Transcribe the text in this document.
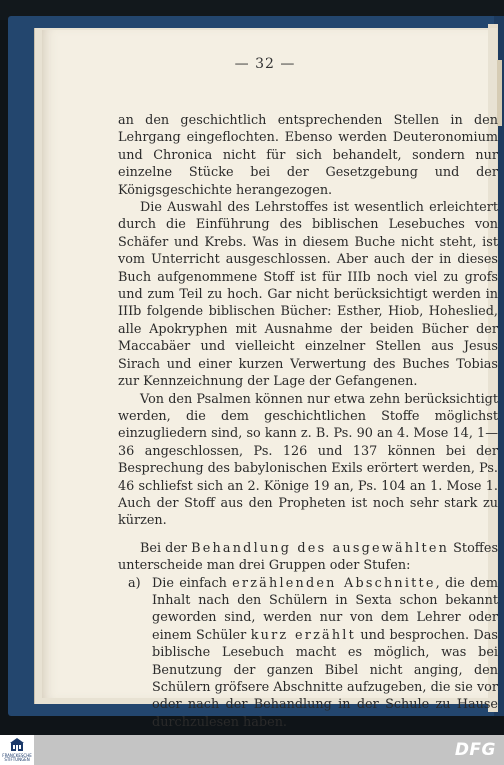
— 32 —

an den geschichtlich entsprechenden Stellen in den Lehrgang eingeflochten. Ebenso werden Deuteronomium und Chronica nicht für sich behandelt, sondern nur einzelne Stücke bei der Gesetzgebung und der Königsgeschichte herangezogen.

Die Auswahl des Lehrstoffes ist wesentlich erleichtert durch die Einführung des biblischen Lesebuches von Schäfer und Krebs. Was in diesem Buche nicht steht, ist vom Unterricht ausgeschlossen. Aber auch der in dieses Buch aufgenommene Stoff ist für IIIb noch viel zu grofs und zum Teil zu hoch. Gar nicht berücksichtigt werden in IIIb folgende biblischen Bücher: Esther, Hiob, Hoheslied, alle Apokryphen mit Ausnahme der beiden Bücher der Maccabäer und vielleicht einzelner Stellen aus Jesus Sirach und einer kurzen Verwertung des Buches Tobias zur Kennzeichnung der Lage der Gefangenen.

Von den Psalmen können nur etwa zehn berücksichtigt werden, die dem geschichtlichen Stoffe möglichst einzugliedern sind, so kann z. B. Ps. 90 an 4. Mose 14, 1—36 angeschlossen, Ps. 126 und 137 können bei der Besprechung des babylonischen Exils erörtert werden, Ps. 46 schliefst sich an 2. Könige 19 an, Ps. 104 an 1. Mose 1. Auch der Stoff aus den Propheten ist noch sehr stark zu kürzen.

Bei der Behandlung des ausgewählten Stoffes unterscheide man drei Gruppen oder Stufen:

a) Die einfach erzählenden Abschnitte, die dem Inhalt nach den Schülern in Sexta schon bekannt geworden sind, werden nur von dem Lehrer oder einem Schüler kurz erzählt und besprochen. Das biblische Lesebuch macht es möglich, was bei Benutzung der ganzen Bibel nicht anging, den Schülern gröfsere Abschnitte aufzugeben, die sie vor oder nach der Behandlung in der Schule zu Hause durchzulesen haben.

FRANCKESCHE STIFTUNGEN	DFG
